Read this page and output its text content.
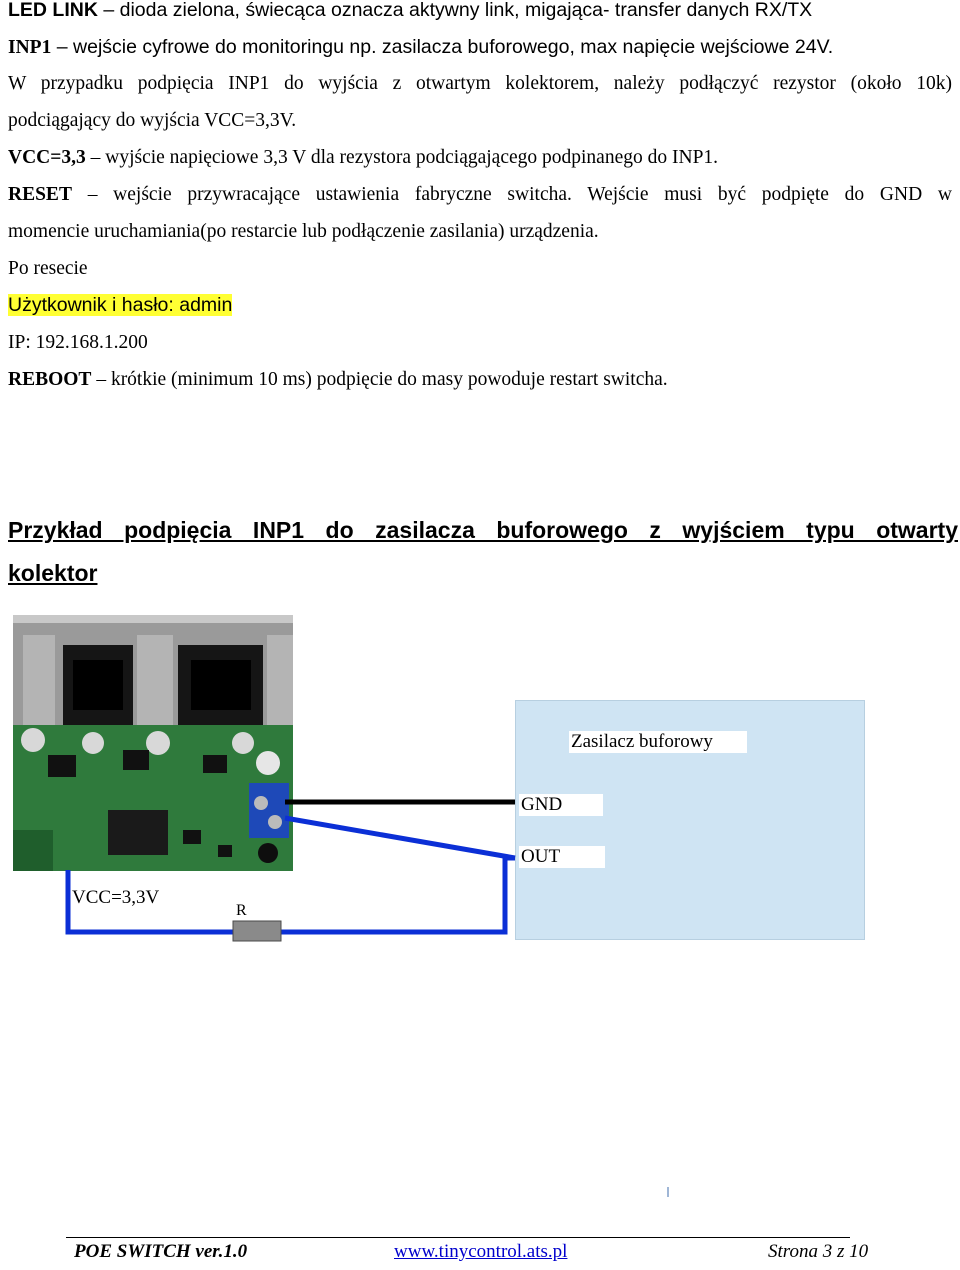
LED LINK – dioda zielona, świecąca oznacza aktywny link, migająca- transfer danych RX/TX
INP1 – wejście cyfrowe do monitoringu np. zasilacza buforowego, max napięcie wejściowe 24V.
W przypadku podpięcia INP1 do wyjścia z otwartym kolektorem, należy podłączyć rezystor (około 10k)
podciągający do wyjścia VCC=3,3V.
VCC=3,3 – wyjście napięciowe 3,3 V dla rezystora podciągającego podpinanego do INP1.
RESET – wejście przywracające ustawienia fabryczne switcha. Wejście musi być podpięte do GND w
momencie uruchamiania(po restarcie lub podłączenie zasilania) urządzenia.
Po resecie
Użytkownik i hasło: admin
IP: 192.168.1.200
REBOOT – krótkie (minimum 10 ms) podpięcie do masy powoduje restart switcha.
Przykład podpięcia INP1 do zasilacza buforowego z wyjściem typu otwarty
kolektor
Zasilacz buforowy
GND
OUT
VCC=3,3V
R
POE SWITCH ver.1.0	www.tinycontrol.ats.pl	Strona 3 z 10
